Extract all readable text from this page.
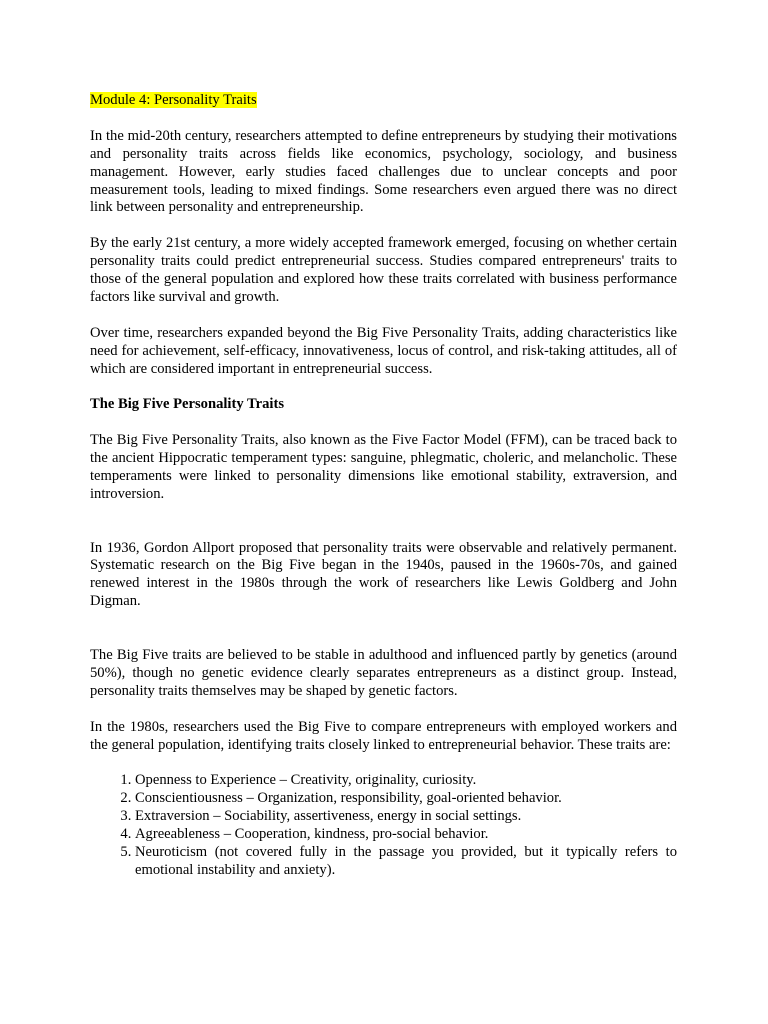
Module 4: Personality Traits

In the mid-20th century, researchers attempted to define entrepreneurs by studying their motivations and personality traits across fields like economics, psychology, sociology, and business management. However, early studies faced challenges due to unclear concepts and poor measurement tools, leading to mixed findings. Some researchers even argued there was no direct link between personality and entrepreneurship.

By the early 21st century, a more widely accepted framework emerged, focusing on whether certain personality traits could predict entrepreneurial success. Studies compared entrepreneurs' traits to those of the general population and explored how these traits correlated with business performance factors like survival and growth.

Over time, researchers expanded beyond the Big Five Personality Traits, adding characteristics like need for achievement, self-efficacy, innovativeness, locus of control, and risk-taking attitudes, all of which are considered important in entrepreneurial success.

The Big Five Personality Traits

The Big Five Personality Traits, also known as the Five Factor Model (FFM), can be traced back to the ancient Hippocratic temperament types: sanguine, phlegmatic, choleric, and melancholic. These temperaments were linked to personality dimensions like emotional stability, extraversion, and introversion.

In 1936, Gordon Allport proposed that personality traits were observable and relatively permanent. Systematic research on the Big Five began in the 1940s, paused in the 1960s-70s, and gained renewed interest in the 1980s through the work of researchers like Lewis Goldberg and John Digman.

The Big Five traits are believed to be stable in adulthood and influenced partly by genetics (around 50%), though no genetic evidence clearly separates entrepreneurs as a distinct group. Instead, personality traits themselves may be shaped by genetic factors.

In the 1980s, researchers used the Big Five to compare entrepreneurs with employed workers and the general population, identifying traits closely linked to entrepreneurial behavior. These traits are:

1. Openness to Experience – Creativity, originality, curiosity.
2. Conscientiousness – Organization, responsibility, goal-oriented behavior.
3. Extraversion – Sociability, assertiveness, energy in social settings.
4. Agreeableness – Cooperation, kindness, pro-social behavior.
5. Neuroticism (not covered fully in the passage you provided, but it typically refers to emotional instability and anxiety).
